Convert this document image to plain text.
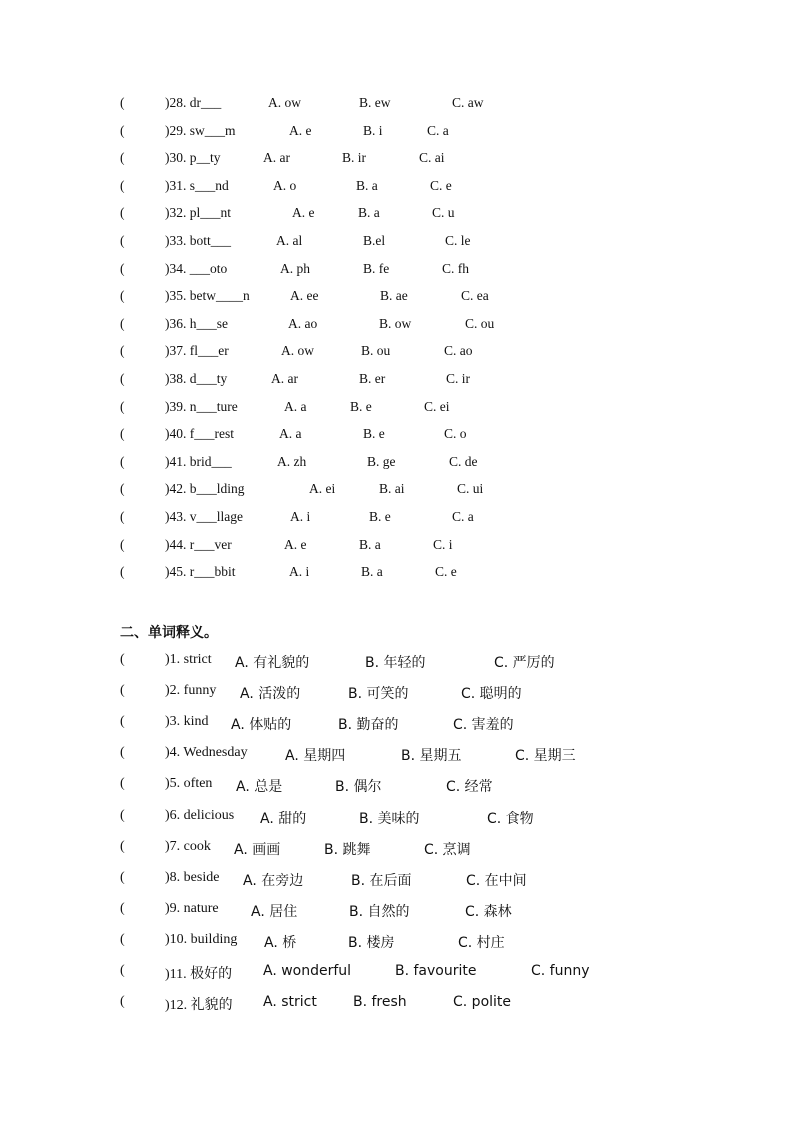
(	)28. dr___	A. ow	B. ew	C. aw
(	)29. sw___m	A. e	B. i	C. a
(	)30. p__ty	A. ar	B. ir	C. ai
(	)31. s___nd	A. o	B. a	C. e
(	)32. pl___nt	A. e	B. a	C. u
(	)33. bott___	A. al	B.el	C. le
(	)34. ___oto	A. ph	B. fe	C. fh
(	)35. betw____n	A. ee	B. ae	C. ea
(	)36. h___se	A. ao	B. ow	C. ou
(	)37. fl___er	A. ow	B. ou	C. ao
(	)38. d___ty	A. ar	B. er	C. ir
(	)39. n___ture	A. a	B. e	C. ei
(	)40. f___rest	A. a	B. e	C. o
(	)41. brid___	A. zh	B. ge	C. de
(	)42. b___lding	A. ei	B. ai	C. ui
(	)43. v___llage	A. i	B. e	C. a
(	)44. r___ver	A. e	B. a	C. i
(	)45. r___bbit	A. i	B. a	C. e
二、单词释义。
(	)1. strict A. 有礼貌的	B. 年轻的	C. 严厉的
(	)2. funny A. 活泼的	B. 可笑的	C. 聪明的
(	)3. kind A. 体贴的	B. 勤奋的	C. 害羞的
(	)4. Wednesday	A. 星期四	B. 星期五	C. 星期三
(	)5. often A. 总是	B. 偶尔	C. 经常
(	)6. delicious A. 甜的	B. 美味的	C. 食物
(	)7. cook A. 画画	B. 跳舞	C. 烹调
(	)8. beside A. 在旁边	B. 在后面	C. 在中间
(	)9. nature A. 居住	B. 自然的	C. 森林
(	)10. building A. 桥	B. 楼房	C. 村庄
(	)11. 极好的 A. wonderful	B. favourite	C. funny
(	)12. 礼貌的 A. strict	B. fresh	C. polite
